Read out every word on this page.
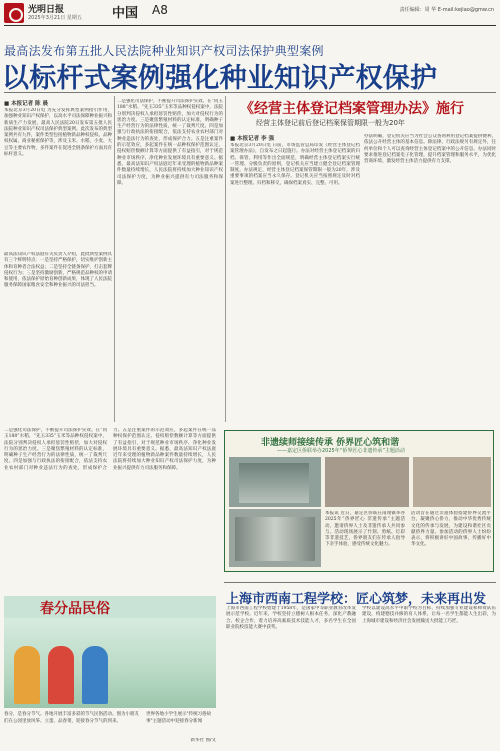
光明日报
2025年3月21日 星期五 中国 A8	责任编辑：周 华 E-mail:kejiao@gmw.cn
最高法发布第五批人民法院种业知识产权司法保护典型案例
以标杆式案例强化种业知识产权保护
■ 本报记者 陈 晨
本报北京3月20日电 为充分发挥典型案例指引作用，加强种业知识产权保护，以高水平司法保障种业振兴和新质生产力发展，最高人民法院20日发布第五批人民法院种业知识产权司法保护典型案例。此次发布的典型案例共有九件，案件类型包括植物新品种权侵权、品种权权属、商业秘密保护等，涉及玉米、水稻、小麦、大豆等主要农作物，多件案件在促进全链条保护方面具有标杆意义。
最高法知识产权法庭有关负责人介绍，此批典型案例具有三个鲜明特点：一是坚持严格保护，切实维护创新主体和育种者合法权益；二是坚持全链条保护，打击套牌侵权行为；三是坚持激励创新，严格规范品种权的申请和使用，依法保护原始育种创新成果，体现了人民法院服务保障国家粮食安全和种业振兴的司法担当。
二是强化司法保护，不断提升司法保护实效。在“同玉188”水稻、“先玉335”玉米等品种权侵权案中，法院分别判决侵权人承担惩罚性赔偿，加大对侵权行为的惩治力度。三是聚焦繁殖材料的认定标准，明确种子生产经营行为的法律性质，统一了裁判尺度。四是加强与行政执法的衔接配合，依法支持农业农村部门对种业违法行为的查处，形成保护合力。五是注重案件的示范效应，多起案件在统一品种权保护范围认定、侵权赔偿数额计算等方面提供了有益指引，对于规范种业市场秩序、净化种业发展环境具有重要意义。据悉，最高法知识产权法庭近年来受理的植物新品种案件数量持续增长，人民法院将持续加大种业知识产权司法保护力度，为种业振兴提供有力司法服务和保障。
《经营主体登记档案管理办法》施行
经营主体登记前后登记档案保管期限一般为20年
■ 本报记者 李 强
本报北京3月20日电 日前，市场监管总局印发《经营主体登记档案管理办法》，自发布之日起施行。办法对经营主体登记档案的归档、保管、利用等作出全面规范，明确经营主体登记档案实行统一管理、分级负责的原则，登记机关应当建立健全登记档案管理制度。办法规定，经营主体登记档案保管期限一般为20年，涉及重要事项的档案应当永久保存。登记机关应当按照规定及时对档案进行整理、归档和移交，确保档案真实、完整、可用。
办法明确，登记机关应当为社会公众查询利用登记档案提供便利，依法公开经营主体的基本信息。除法律、行政法规另有规定外，任何单位和个人可以查询经营主体登记档案中的公开信息。办法同时要求推进登记档案电子化管理，提升档案管理和服务水平，为优化营商环境、激发经营主体活力提供有力支撑。
二是强化司法保护，不断提升司法保护实效。在“同玉188”水稻、“先玉335”玉米等品种权侵权案中，法院分别判决侵权人承担惩罚性赔偿，加大对侵权行为的惩治力度。三是聚焦繁殖材料的认定标准，明确种子生产经营行为的法律性质，统一了裁判尺度。四是加强与行政执法的衔接配合，依法支持农业农村部门对种业违法行为的查处，形成保护合力。五是注重案件的示范效应，多起案件在统一品种权保护范围认定、侵权赔偿数额计算等方面提供了有益指引，对于规范种业市场秩序、净化种业发展环境具有重要意义。据悉，最高法知识产权法庭近年来受理的植物新品种案件数量持续增长，人民法院将持续加大种业知识产权司法保护力度，为种业振兴提供有力司法服务和保障。
非遗续师接续传承 侨界匠心筑和谐
——嘉定区侨联举办2025年“侨界匠心非遗传承”主题活动
本报讯 近日，嘉定区侨联在南翔镇举办2025年“侨界匠心 非遗传承”主题活动，邀请侨界人士及非遗传承人共同参与。活动现场展示了竹刻、剪纸、灯彩等非遗技艺，侨界朋友们在传承人指导下亲手体验，感受传统文化魅力。
活动旨在通过非遗体验搭建侨界交流平台，凝聚侨心侨力，推动中华优秀传统文化的传承与发展，为建设和谐社区贡献侨界力量。参加活动的侨界人士纷纷表示，将积极讲好中国故事、传播好中华文化。
春分品民俗
春分，是春分节气。各地开展丰富多彩的节气民俗活动。图为小朋友们在公园里放风筝、立蛋、品春菜，迎接春分节气的到来。
新华社 图/文
世界各地小学生展示"传统习俗故事"主题活动中迎接春分新闻
上海市西南工程学校：匠心筑梦，未来再出发
上海市西南工程学校始建于1958年，是国家中等职业教育改革发展示范学校。近年来，学校坚持立德树人根本任务，深化产教融合、校企合作，着力培养高素质技术技能人才，多名学生在全国职业院校技能大赛中获奖。
学校以建设高水平中职学校为目标，持续加强专业建设和师资队伍建设，构建德技并修的育人体系，让每一名学生都能人生出彩，为上海城市建设和经济社会发展输送大批能工巧匠。
